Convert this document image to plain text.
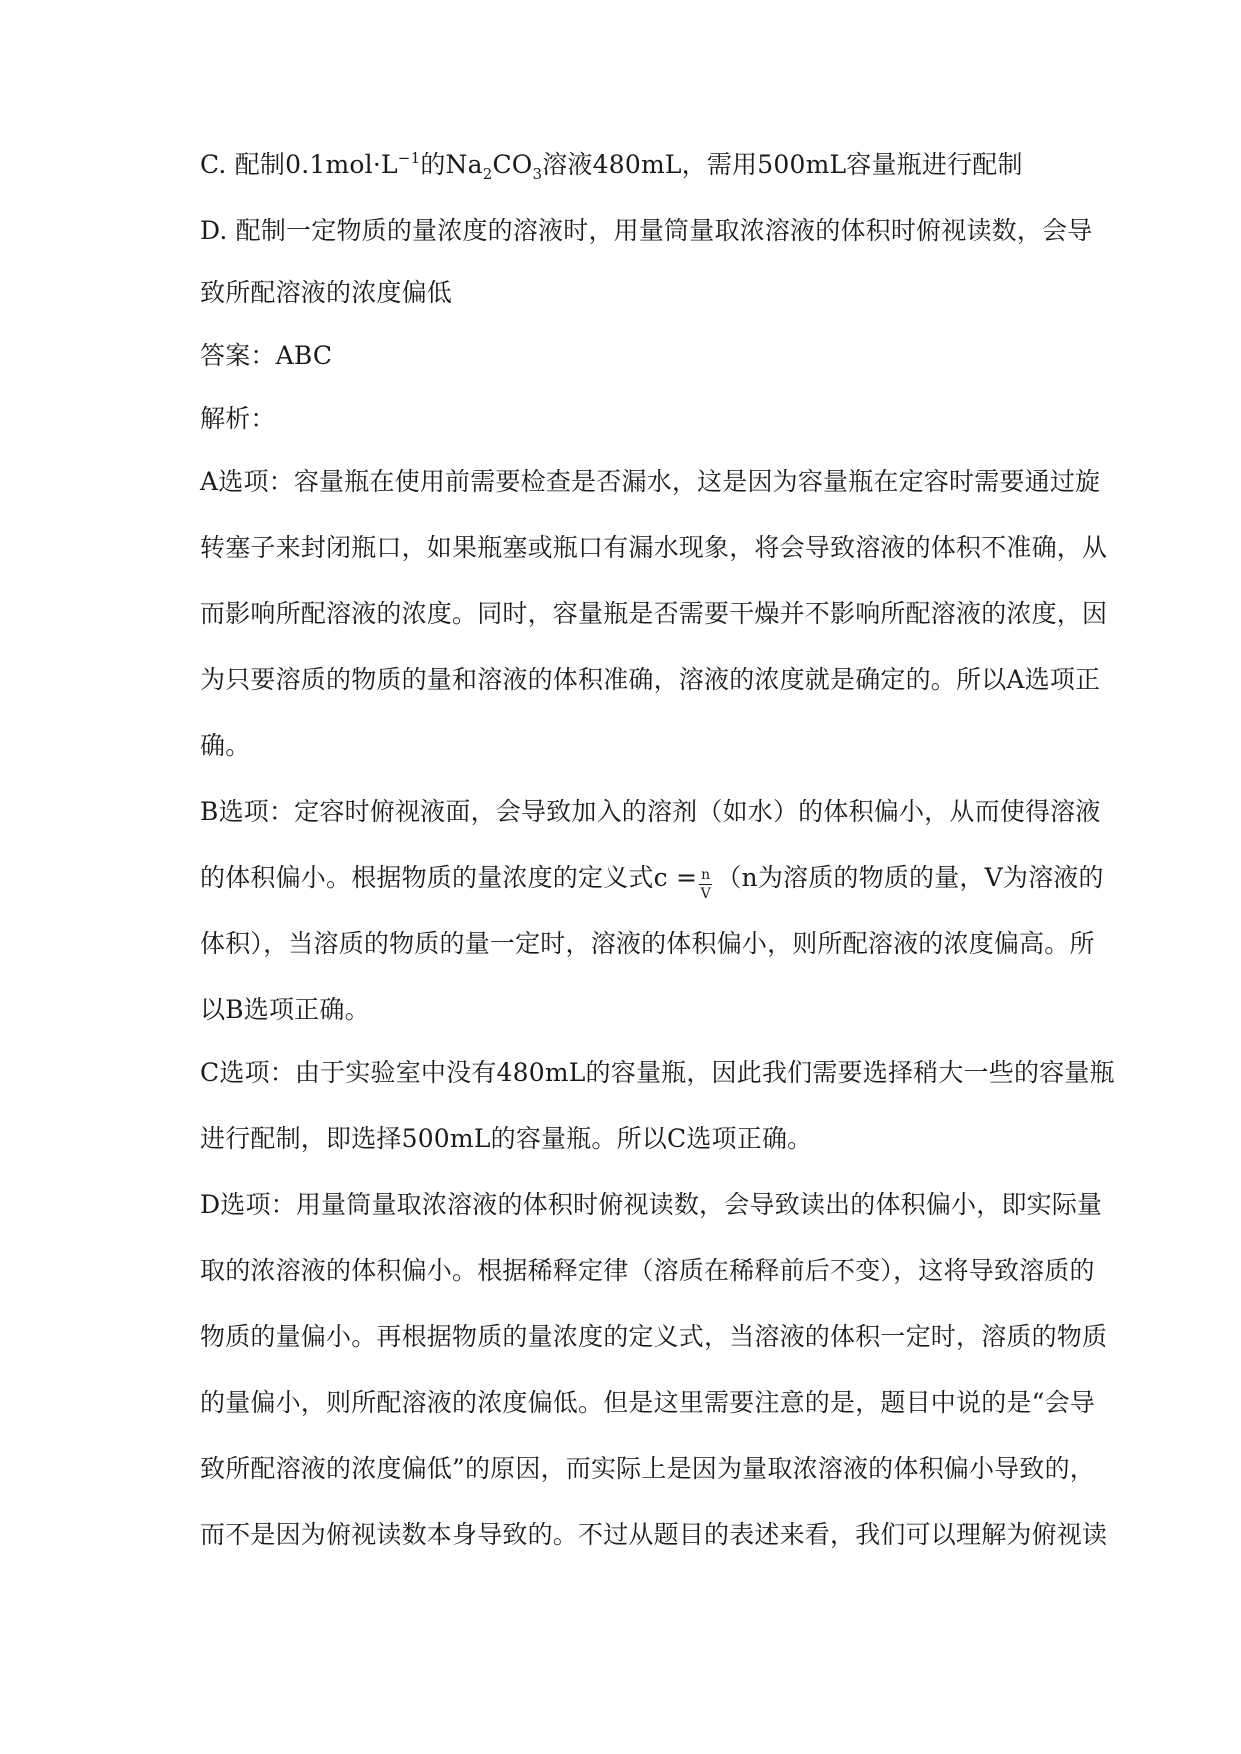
C. 配制$0.1mol\cdot L^{-1}$的$Na_2CO_3$溶液480mL，需用500mL容量瓶进行配制
D. 配制一定物质的量浓度的溶液时，用量筒量取浓溶液的体积时俯视读数，会导
致所配溶液的浓度偏低
答案：ABC
解析：
A选项：容量瓶在使用前需要检查是否漏水，这是因为容量瓶在定容时需要通过旋
转塞子来封闭瓶口，如果瓶塞或瓶口有漏水现象，将会导致溶液的体积不准确，从
而影响所配溶液的浓度。同时，容量瓶是否需要干燥并不影响所配溶液的浓度，因
为只要溶质的物质的量和溶液的体积准确，溶液的浓度就是确定的。所以A选项正
确。
B选项：定容时俯视液面，会导致加入的溶剂（如水）的体积偏小，从而使得溶液
的体积偏小。根据物质的量浓度的定义式$c = \frac{n}{V} (n$为溶质的物质的量，V为溶液的
体积），当溶质的物质的量一定时，溶液的体积偏小，则所配溶液的浓度偏高。所
以B选项正确。
C选项：由于实验室中没有480mL的容量瓶，因此我们需要选择稍大一些的容量瓶
进行配制，即选择500mL的容量瓶。所以C选项正确。
D选项：用量筒量取浓溶液的体积时俯视读数，会导致读出的体积偏小，即实际量
取的浓溶液的体积偏小。根据稀释定律（溶质在稀释前后不变），这将导致溶质的
物质的量偏小。再根据物质的量浓度的定义式，当溶液的体积一定时，溶质的物质
的量偏小，则所配溶液的浓度偏低。但是这里需要注意的是，题目中说的是“会导
致所配溶液的浓度偏低”的原因，而实际上是因为量取浓溶液的体积偏小导致的，
而不是因为俯视读数本身导致的。不过从题目的表述来看，我们可以理解为俯视读
